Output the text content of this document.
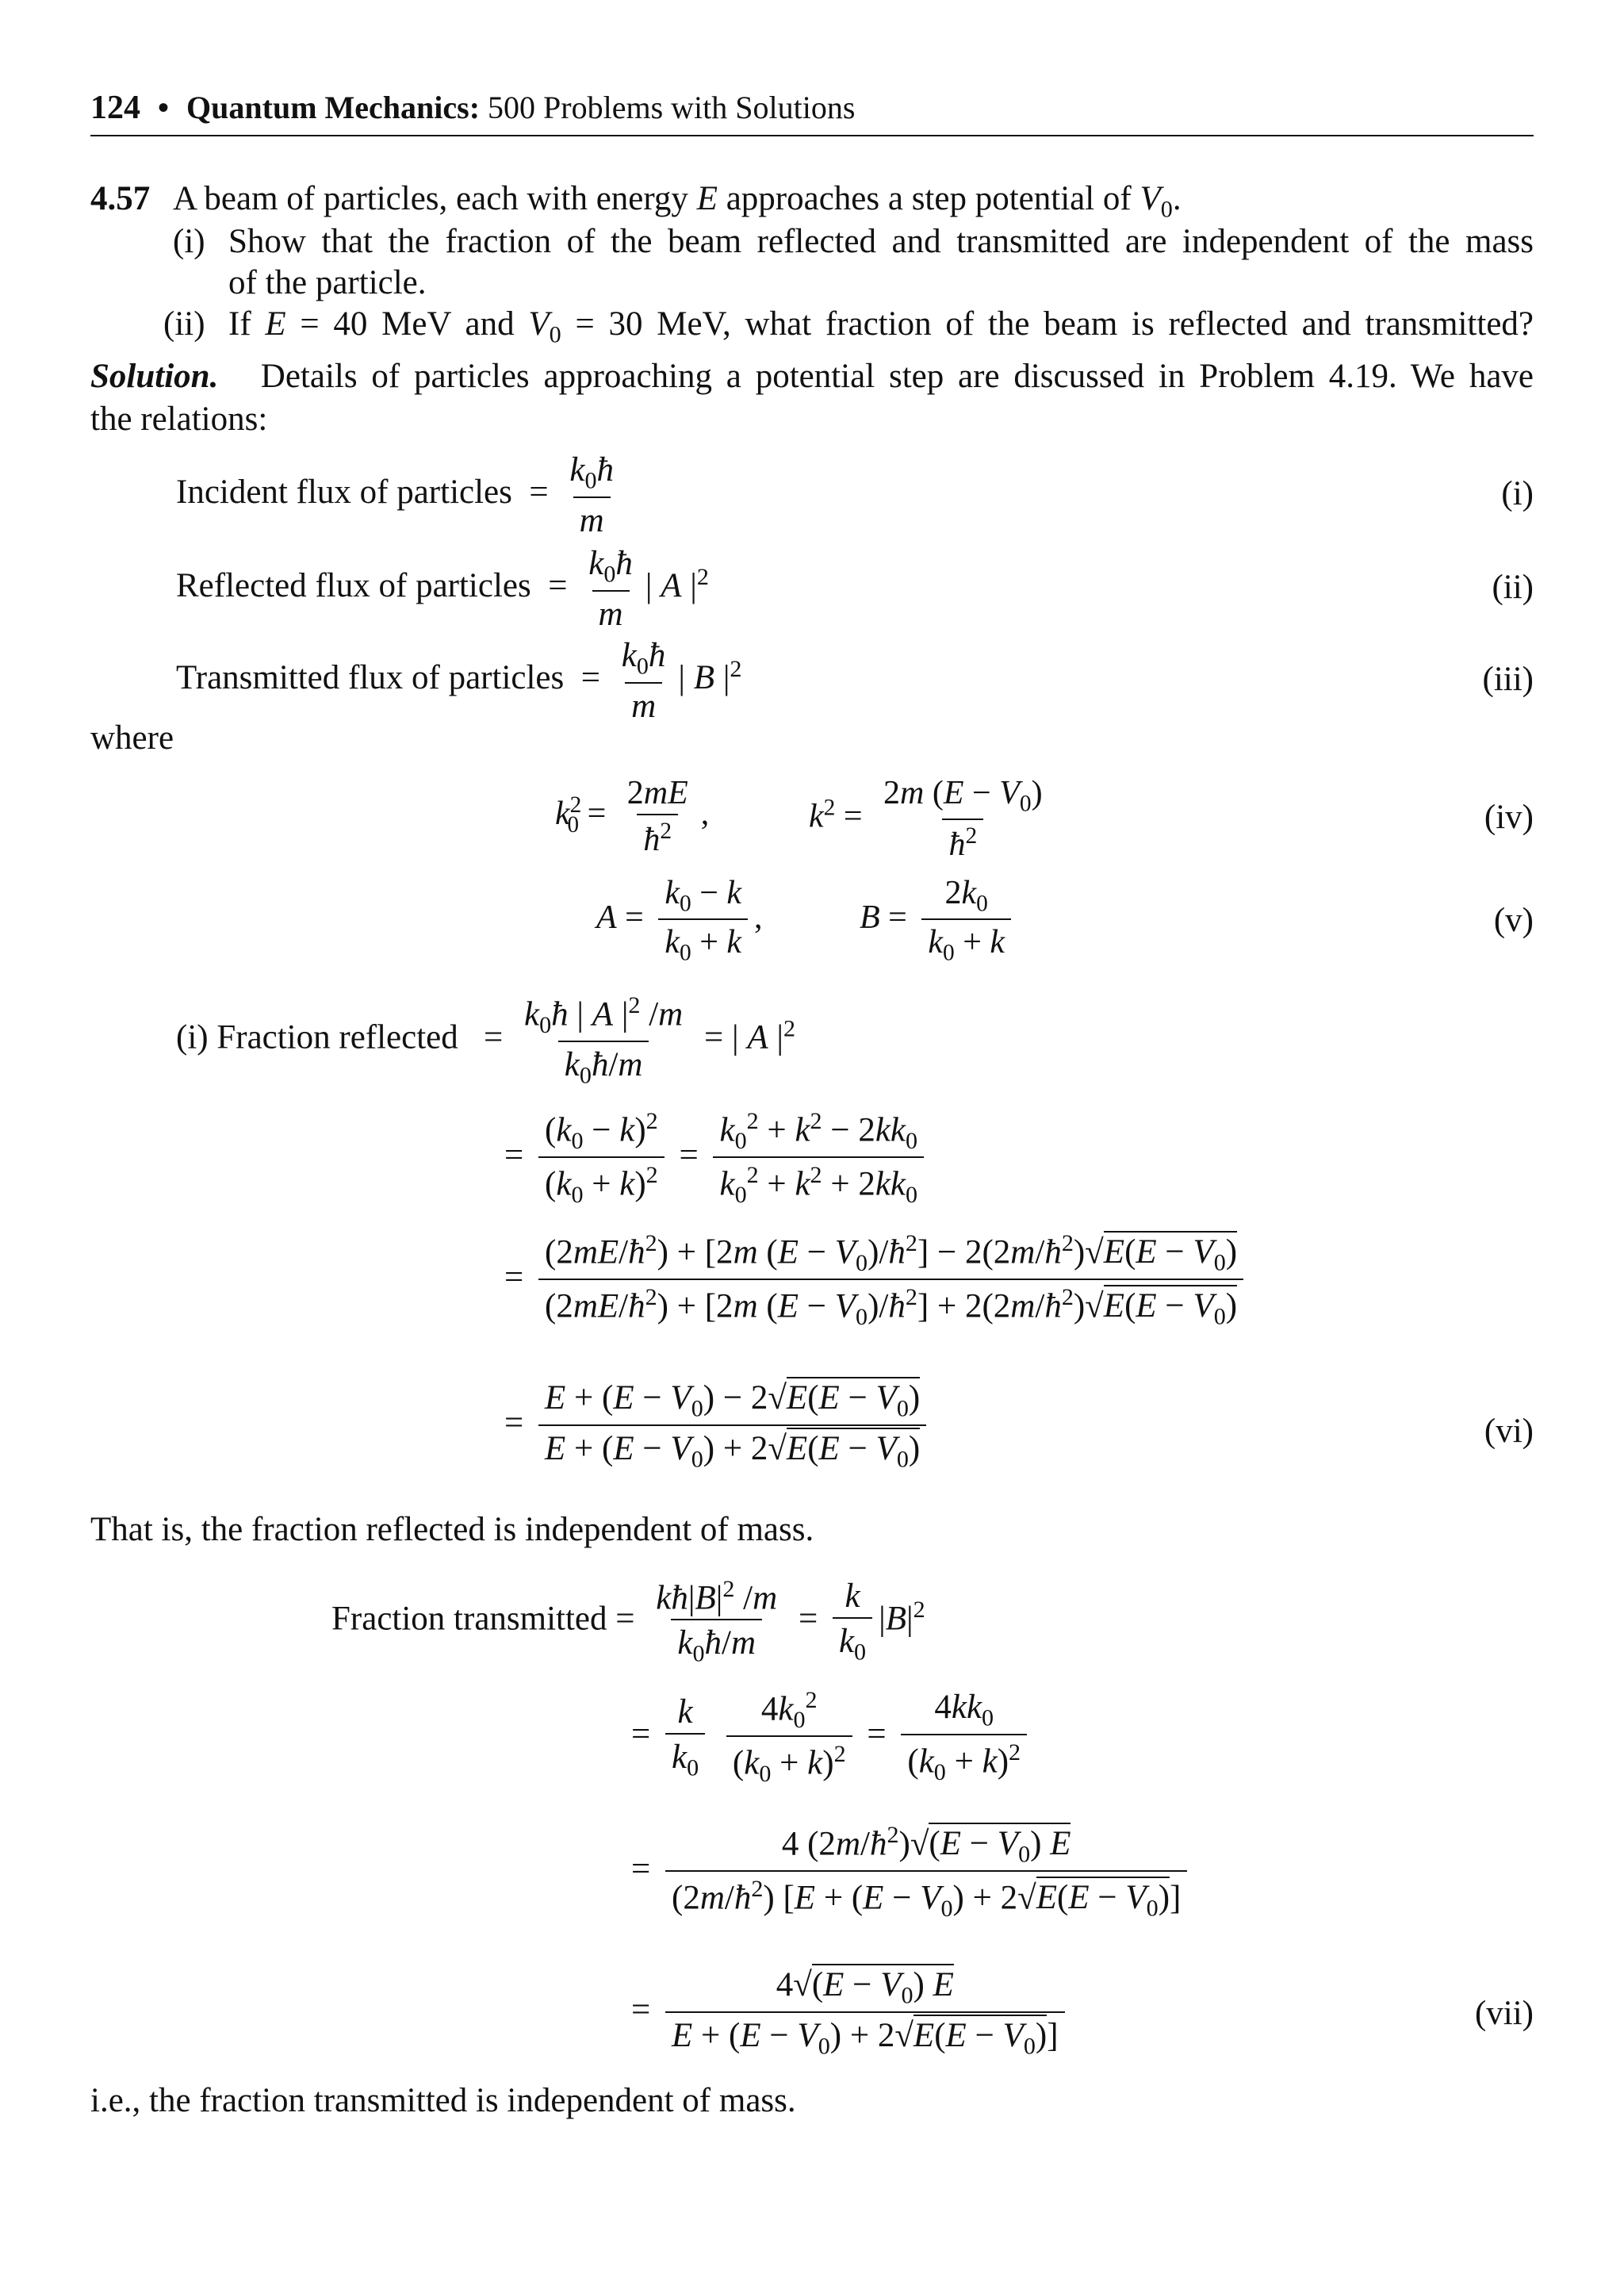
124 • Quantum Mechanics: 500 Problems with Solutions
4.57 A beam of particles, each with energy E approaches a step potential of $V_0$.
(i) Show that the fraction of the beam reflected and transmitted are independent of the mass
of the particle.
(ii) If E = 40 MeV and $V_0 = 30$ MeV, what fraction of the beam is reflected and transmitted?
Solution. Details of particles approaching a potential step are discussed in Problem 4.19. We have
the relations:
Incident flux of particles  = $\frac{k_0ħ}{m}$	(i)
Reflected flux of particles  = $\frac{k_0ħ}{m}$ | A $|^2$	(ii)
Transmitted flux of particles  = $\frac{k_0ħ}{m}$ | B $|^2$	(iii)
where
$k^2_0 = \frac{2mE}{ħ^2}$ ,	$k^2 = \frac{2m (E - V_0)}{ħ^2}$	(iv)
$A = \frac{k_0 - k}{k_0 + k}$ ,	$B = \frac{2k_0}{k_0 + k}$	(v)
(i) Fraction reflected   = $\frac{k_0ħ | A |^2 /m}{k_0ħ/m}$ = | A $|^2$
= $\frac{(k_0 - k)^2}{(k_0 + k)^2} = \frac{k_0^2 + k^2 - 2kk_0}{k_0^2 + k^2 + 2kk_0}$
= $\frac{(2mE/ħ^2) + [2m (E - V_0)/ħ^2] - 2(2m/ħ^2)√E(E - V_0)}{(2mE/ħ^2) + [2m (E - V_0)/ħ^2] + 2(2m/ħ^2)√E(E - V_0)}$
= $\frac{E + (E - V_0) - 2√E(E - V_0)}{E + (E - V_0) + 2√E(E - V_0)}$	(vi)
That is, the fraction reflected is independent of mass.
Fraction transmitted = $\frac{kħ|B|^2 /m}{k_0ħ/m} = \frac{k}{k_0} |B|^2$
= $\frac{k}{k_0}$
$\frac{4k_0^2}{(k_0 + k)^2} = \frac{4kk_0}{(k_0 + k)^2}$
= $\frac{4 (2m/ħ^2)√(E - V_0) E}{(2m/ħ^2) [E + (E - V_0) + 2√E(E - V_0)]}$
= $\frac{4√(E - V_0) E}{E + (E - V_0) + 2√E(E - V_0)]}$	(vii)
i.e., the fraction transmitted is independent of mass.
